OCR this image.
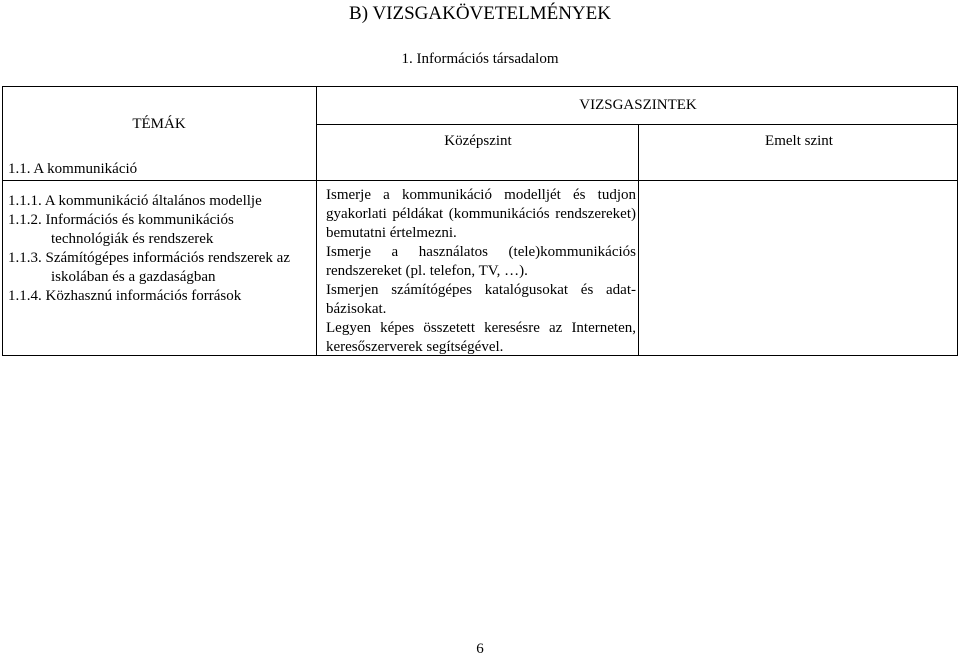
B) VIZSGAKÖVETELMÉNYEK
1. Információs társadalom
TÉMÁK
VIZSGASZINTEK
Középszint	Emelt szint
1.1. A kommunikáció
1.1.1. A kommunikáció általános modellje
1.1.2. Információs és kommunikációs
technológiák és rendszerek
1.1.3. Számítógépes információs rendszerek az
iskolában és a gazdaságban
1.1.4. Közhasznú információs források

Ismerje a kommunikáció modelljét és tudjon gyakorlati példákat (kommunikációs rendszereket) bemutatni értelmezni.

Ismerje a használatos (tele)kommunikációs rendszereket (pl. telefon, TV, …).

Ismerjen számítógépes katalógusokat és adat-bázisokat.

Legyen képes összetett keresésre az Interneten, keresőszerverek segítségével.

6
